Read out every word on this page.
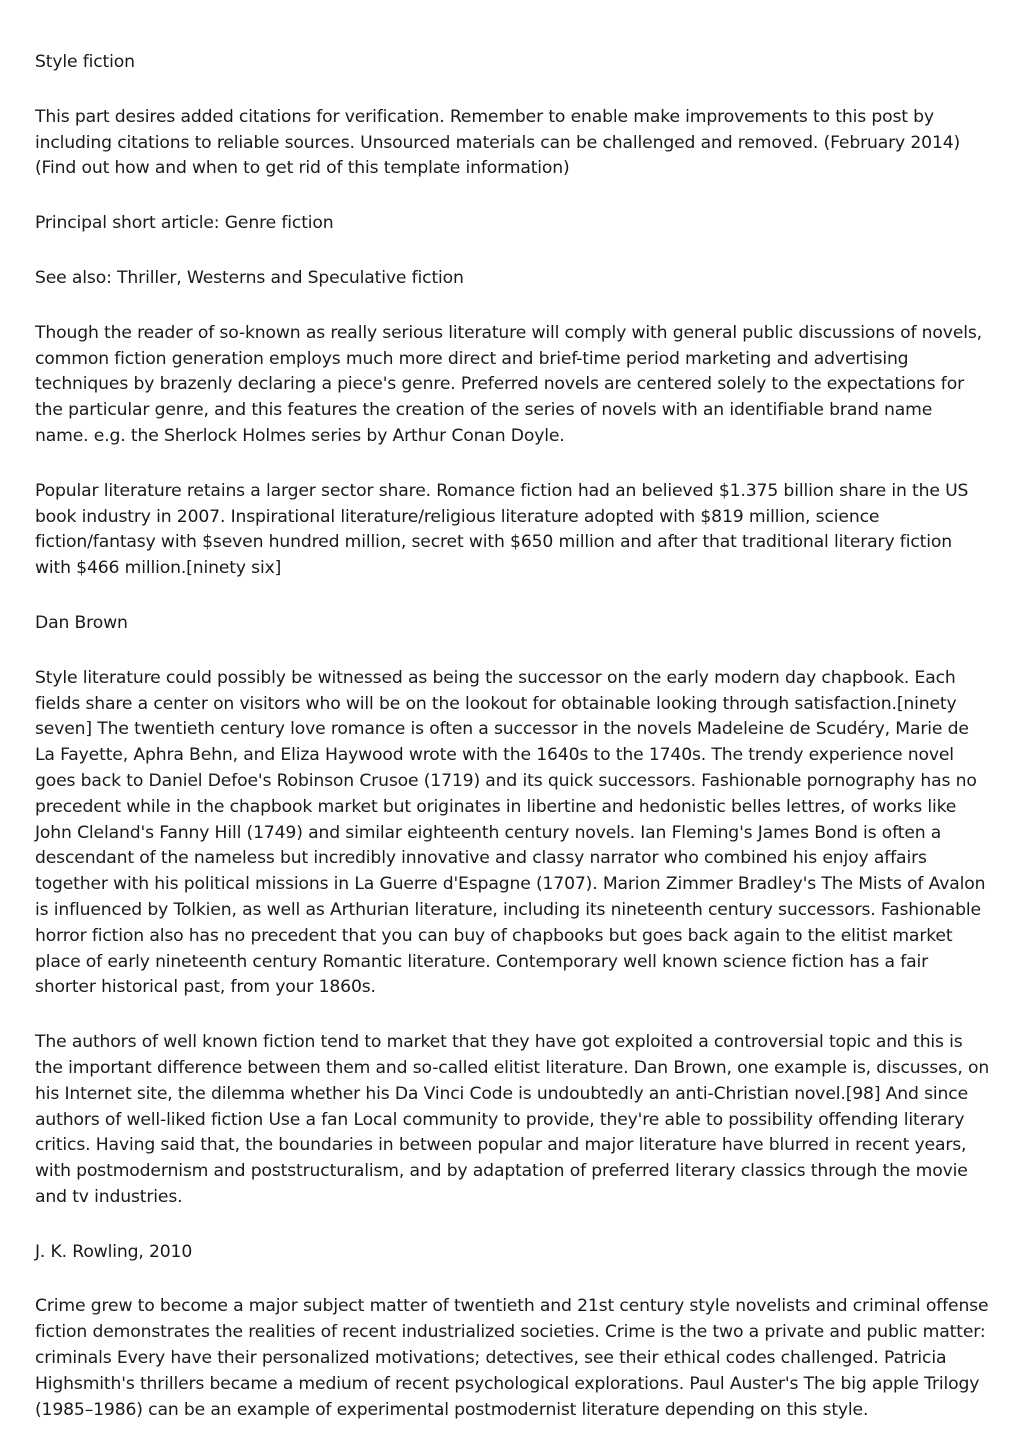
Style fiction

This part desires added citations for verification. Remember to enable make improvements to this post by including citations to reliable sources. Unsourced materials can be challenged and removed. (February 2014) (Find out how and when to get rid of this template information)

Principal short article: Genre fiction

See also: Thriller, Westerns and Speculative fiction

Though the reader of so-known as really serious literature will comply with general public discussions of novels, common fiction generation employs much more direct and brief-time period marketing and advertising techniques by brazenly declaring a piece's genre. Preferred novels are centered solely to the expectations for the particular genre, and this features the creation of the series of novels with an identifiable brand name name. e.g. the Sherlock Holmes series by Arthur Conan Doyle.

Popular literature retains a larger sector share. Romance fiction had an believed $1.375 billion share in the US book industry in 2007. Inspirational literature/religious literature adopted with $819 million, science fiction/fantasy with $seven hundred million, secret with $650 million and after that traditional literary fiction with $466 million.[ninety six]

Dan Brown

Style literature could possibly be witnessed as being the successor on the early modern day chapbook. Each fields share a center on visitors who will be on the lookout for obtainable looking through satisfaction.[ninety seven] The twentieth century love romance is often a successor in the novels Madeleine de Scudéry, Marie de La Fayette, Aphra Behn, and Eliza Haywood wrote with the 1640s to the 1740s. The trendy experience novel goes back to Daniel Defoe's Robinson Crusoe (1719) and its quick successors. Fashionable pornography has no precedent while in the chapbook market but originates in libertine and hedonistic belles lettres, of works like John Cleland's Fanny Hill (1749) and similar eighteenth century novels. Ian Fleming's James Bond is often a descendant of the nameless but incredibly innovative and classy narrator who combined his enjoy affairs together with his political missions in La Guerre d'Espagne (1707). Marion Zimmer Bradley's The Mists of Avalon is influenced by Tolkien, as well as Arthurian literature, including its nineteenth century successors. Fashionable horror fiction also has no precedent that you can buy of chapbooks but goes back again to the elitist market place of early nineteenth century Romantic literature. Contemporary well known science fiction has a fair shorter historical past, from your 1860s.

The authors of well known fiction tend to market that they have got exploited a controversial topic and this is the important difference between them and so-called elitist literature. Dan Brown, one example is, discusses, on his Internet site, the dilemma whether his Da Vinci Code is undoubtedly an anti-Christian novel.[98] And since authors of well-liked fiction Use a fan Local community to provide, they're able to possibility offending literary critics. Having said that, the boundaries in between popular and major literature have blurred in recent years, with postmodernism and poststructuralism, and by adaptation of preferred literary classics through the movie and tv industries.

J. K. Rowling, 2010

Crime grew to become a major subject matter of twentieth and 21st century style novelists and criminal offense fiction demonstrates the realities of recent industrialized societies. Crime is the two a private and public matter: criminals Every have their personalized motivations; detectives, see their ethical codes challenged. Patricia Highsmith's thrillers became a medium of recent psychological explorations. Paul Auster's The big apple Trilogy (1985–1986) can be an example of experimental postmodernist literature depending on this style.
